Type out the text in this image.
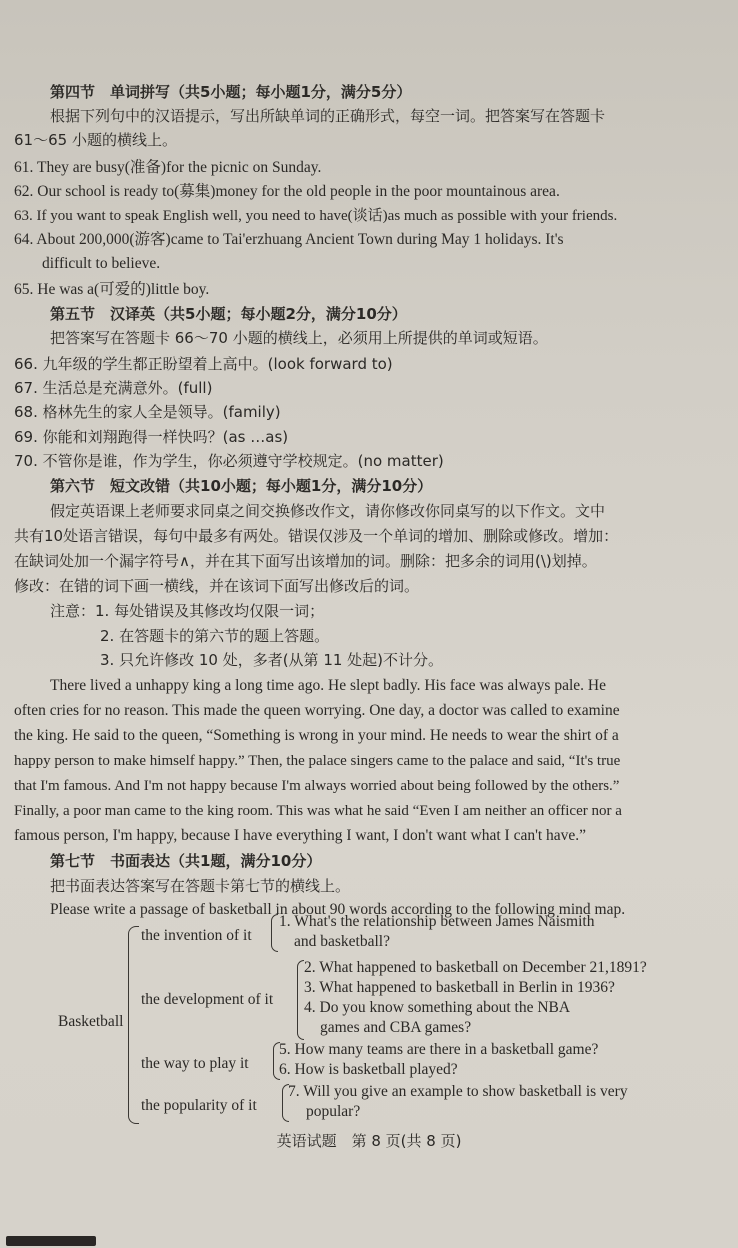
第四节　单词拼写（共5小题；每小题1分，满分5分）
根据下列句中的汉语提示，写出所缺单词的正确形式，每空一词。把答案写在答题卡
61～65 小题的横线上。
61. They are busy(准备)for the picnic on Sunday.
62. Our school is ready to(募集)money for the old people in the poor mountainous area.
63. If you want to speak English well, you need to have(谈话)as much as possible with your friends.
64. About 200,000(游客)came to Tai'erzhuang Ancient Town during May 1 holidays. It's
difficult to believe.
65. He was a(可爱的)little boy.
第五节　汉译英（共5小题；每小题2分，满分10分）
把答案写在答题卡 66～70 小题的横线上，必须用上所提供的单词或短语。
66. 九年级的学生都正盼望着上高中。(look forward to)
67. 生活总是充满意外。(full)
68. 格林先生的家人全是领导。(family)
69. 你能和刘翔跑得一样快吗？(as …as)
70. 不管你是谁，作为学生，你必须遵守学校规定。(no matter)
第六节　短文改错（共10小题；每小题1分，满分10分）
假定英语课上老师要求同桌之间交换修改作文，请你修改你同桌写的以下作文。文中
共有10处语言错误，每句中最多有两处。错误仅涉及一个单词的增加、删除或修改。增加：
在缺词处加一个漏字符号∧，并在其下面写出该增加的词。删除：把多余的词用(\)划掉。
修改：在错的词下画一横线，并在该词下面写出修改后的词。
注意：1. 每处错误及其修改均仅限一词；
2. 在答题卡的第六节的题上答题。
3. 只允许修改 10 处，多者(从第 11 处起)不计分。
There lived a unhappy king a long time ago. He slept badly. His face was always pale. He
often cries for no reason. This made the queen worrying. One day, a doctor was called to examine
the king. He said to the queen, “Something is wrong in your mind. He needs to wear the shirt of a
happy person to make himself happy.” Then, the palace singers came to the palace and said, “It's true
that I'm famous. And I'm not happy because I'm always worried about being followed by the others.”
Finally, a poor man came to the king room. This was what he said “Even I am neither an officer nor a
famous person, I'm happy, because I have everything I want, I don't want what I can't have.”
第七节　书面表达（共1题，满分10分）
把书面表达答案写在答题卡第七节的横线上。
Please write a passage of basketball in about 90 words according to the following mind map.
Basketball
the invention of it
1. What's the relationship between James Naismith
and basketball?
the development of it
2. What happened to basketball on December 21,1891?
3. What happened to basketball in Berlin in 1936?
4. Do you know something about the NBA
games and CBA games?
the way to play it
5. How many teams are there in a basketball game?
6. How is basketball played?
the popularity of it
7. Will you give an example to show basketball is very
popular?
英语试题　第 8 页(共 8 页)
